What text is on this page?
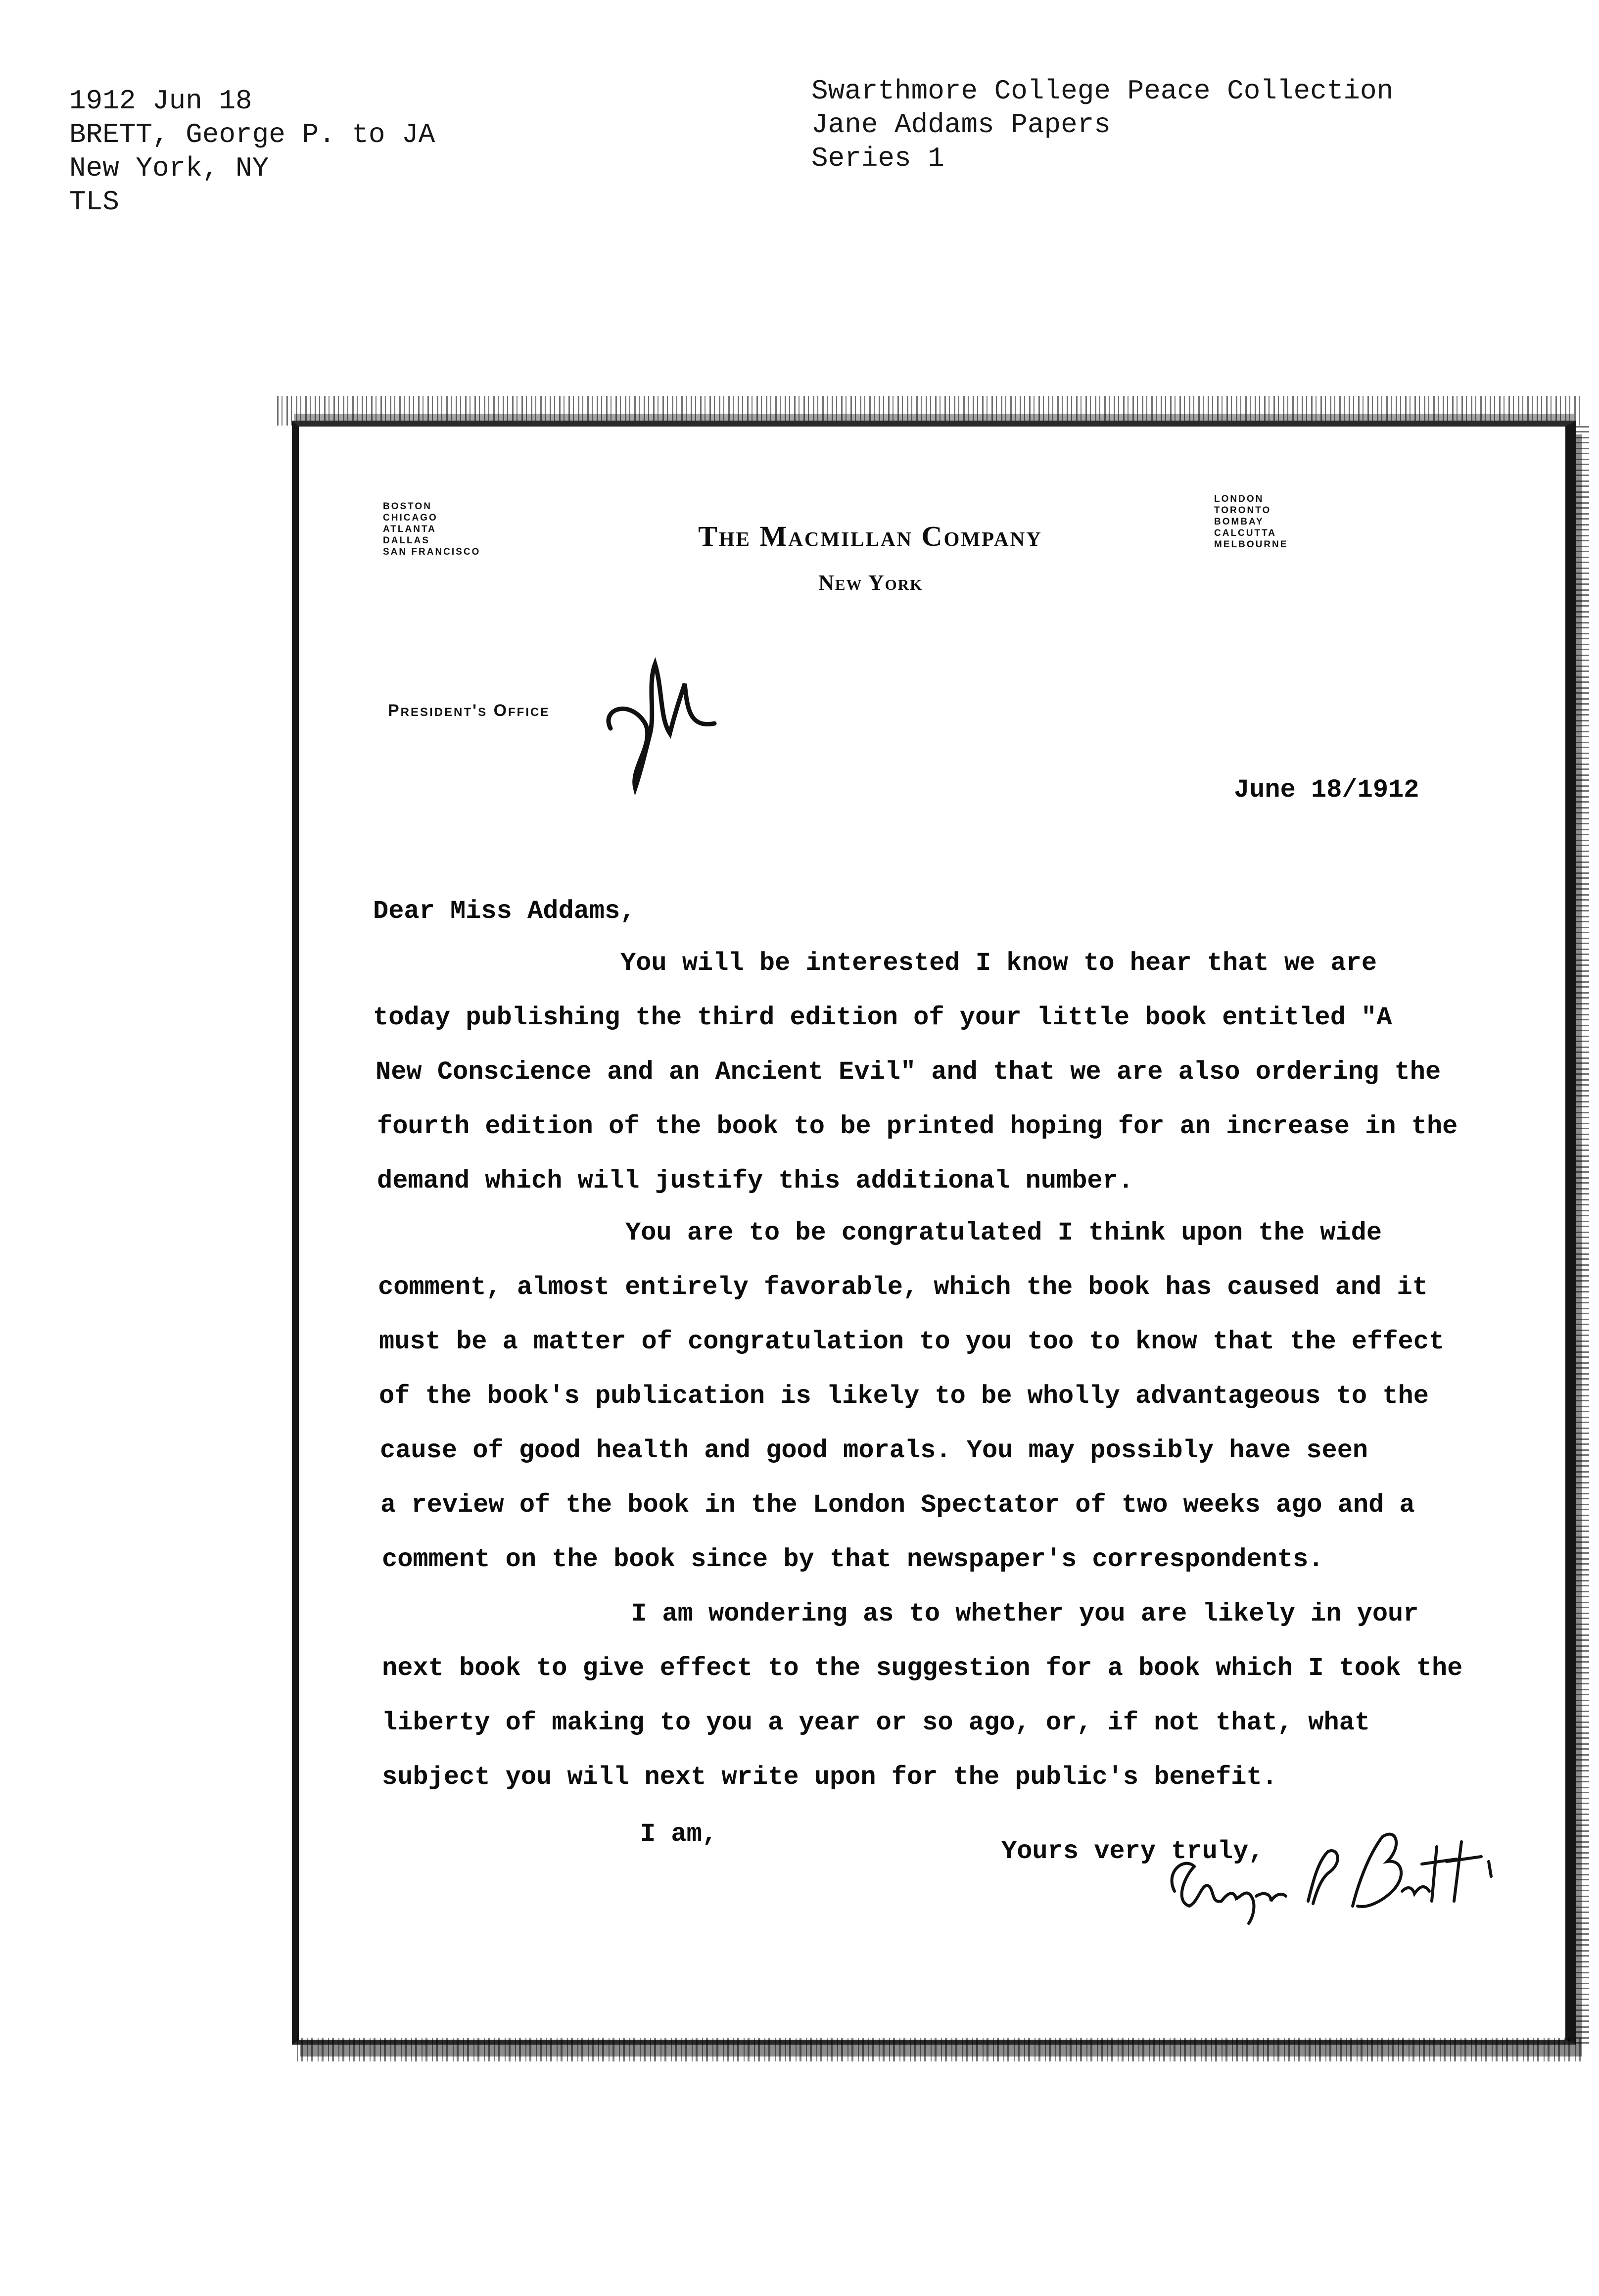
1912 Jun 18
BRETT, George P. to JA
New York, NY
TLS
Swarthmore College Peace Collection
Jane Addams Papers
Series 1
BOSTON
CHICAGO
ATLANTA
DALLAS
SAN FRANCISCO
LONDON
TORONTO
BOMBAY
CALCUTTA
MELBOURNE
The Macmillan Company
New York
President's Office
June 18/1912
Dear Miss Addams,
You will be interested I know to hear that we are
today publishing the third edition of your little book entitled "A
New Conscience and an Ancient Evil" and that we are also ordering the
fourth edition of the book to be printed hoping for an increase in the
demand which will justify this additional number.
You are to be congratulated I think upon the wide
comment, almost entirely favorable, which the book has caused and it
must be a matter of congratulation to you too to know that the effect
of the book's publication is likely to be wholly advantageous to the
cause of good health and good morals. You may possibly have seen
a review of the book in the London Spectator of two weeks ago and a
comment on the book since by that newspaper's correspondents.
I am wondering as to whether you are likely in your
next book to give effect to the suggestion for a book which I took the
liberty of making to you a year or so ago, or, if not that, what
subject you will next write upon for the public's benefit.
I am,
Yours very truly,
